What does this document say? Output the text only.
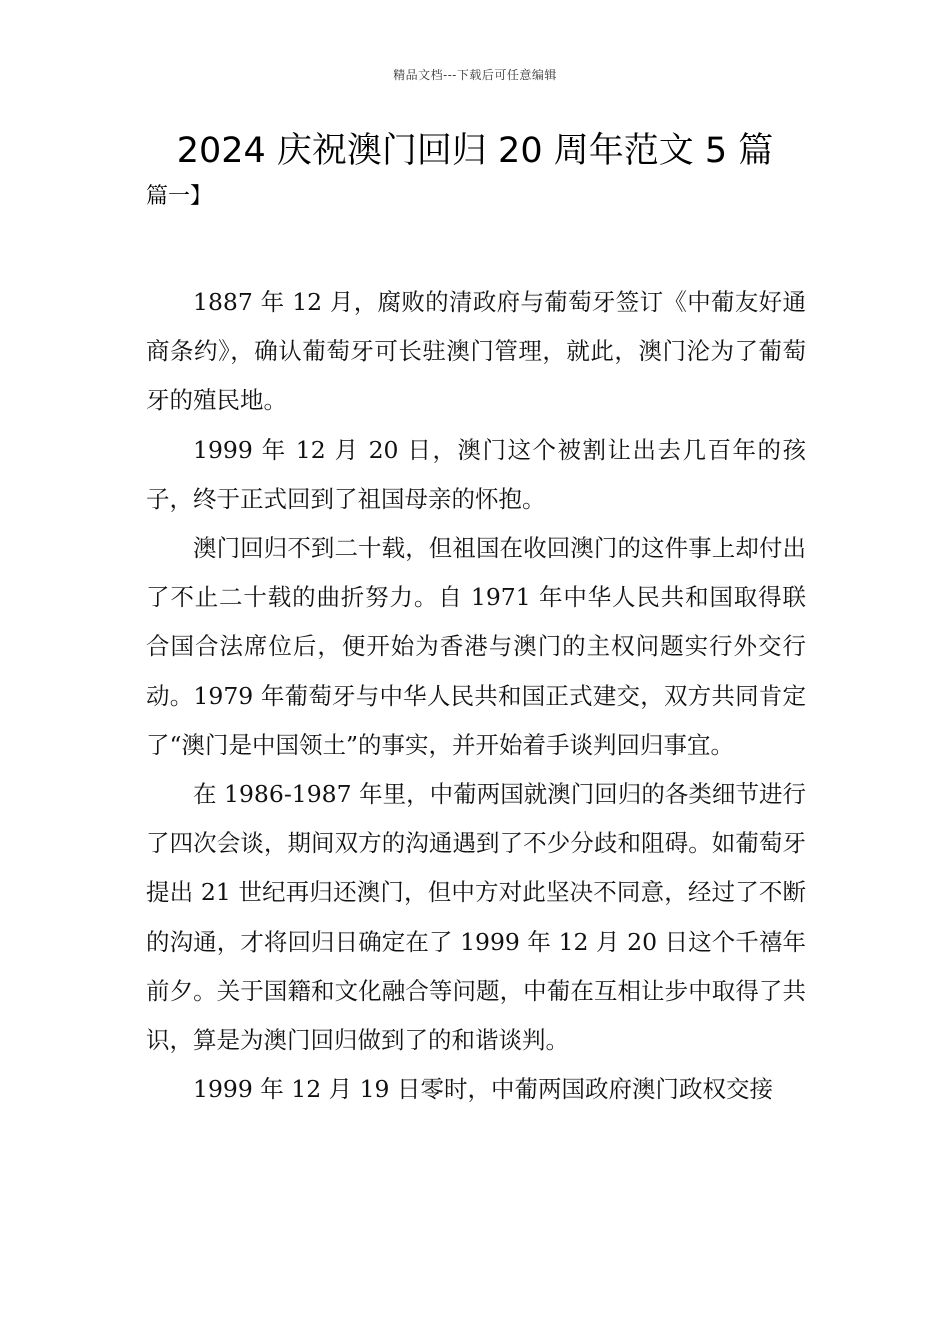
精品文档---下载后可任意编辑
2024 庆祝澳门回归 20 周年范文 5 篇
篇一】

1887 年 12 月，腐败的清政府与葡萄牙签订《中葡友好通商条约》，确认葡萄牙可长驻澳门管理，就此，澳门沦为了葡萄牙的殖民地。

1999 年 12 月 20 日，澳门这个被割让出去几百年的孩子，终于正式回到了祖国母亲的怀抱。

澳门回归不到二十载，但祖国在收回澳门的这件事上却付出了不止二十载的曲折努力。自 1971 年中华人民共和国取得联合国合法席位后，便开始为香港与澳门的主权问题实行外交行动。1979 年葡萄牙与中华人民共和国正式建交，双方共同肯定了“澳门是中国领土”的事实，并开始着手谈判回归事宜。

在 1986-1987 年里，中葡两国就澳门回归的各类细节进行了四次会谈，期间双方的沟通遇到了不少分歧和阻碍。如葡萄牙提出 21 世纪再归还澳门，但中方对此坚决不同意，经过了不断的沟通，才将回归日确定在了 1999 年 12 月 20 日这个千禧年前夕。关于国籍和文化融合等问题，中葡在互相让步中取得了共识，算是为澳门回归做到了的和谐谈判。

1999 年 12 月 19 日零时，中葡两国政府澳门政权交接
